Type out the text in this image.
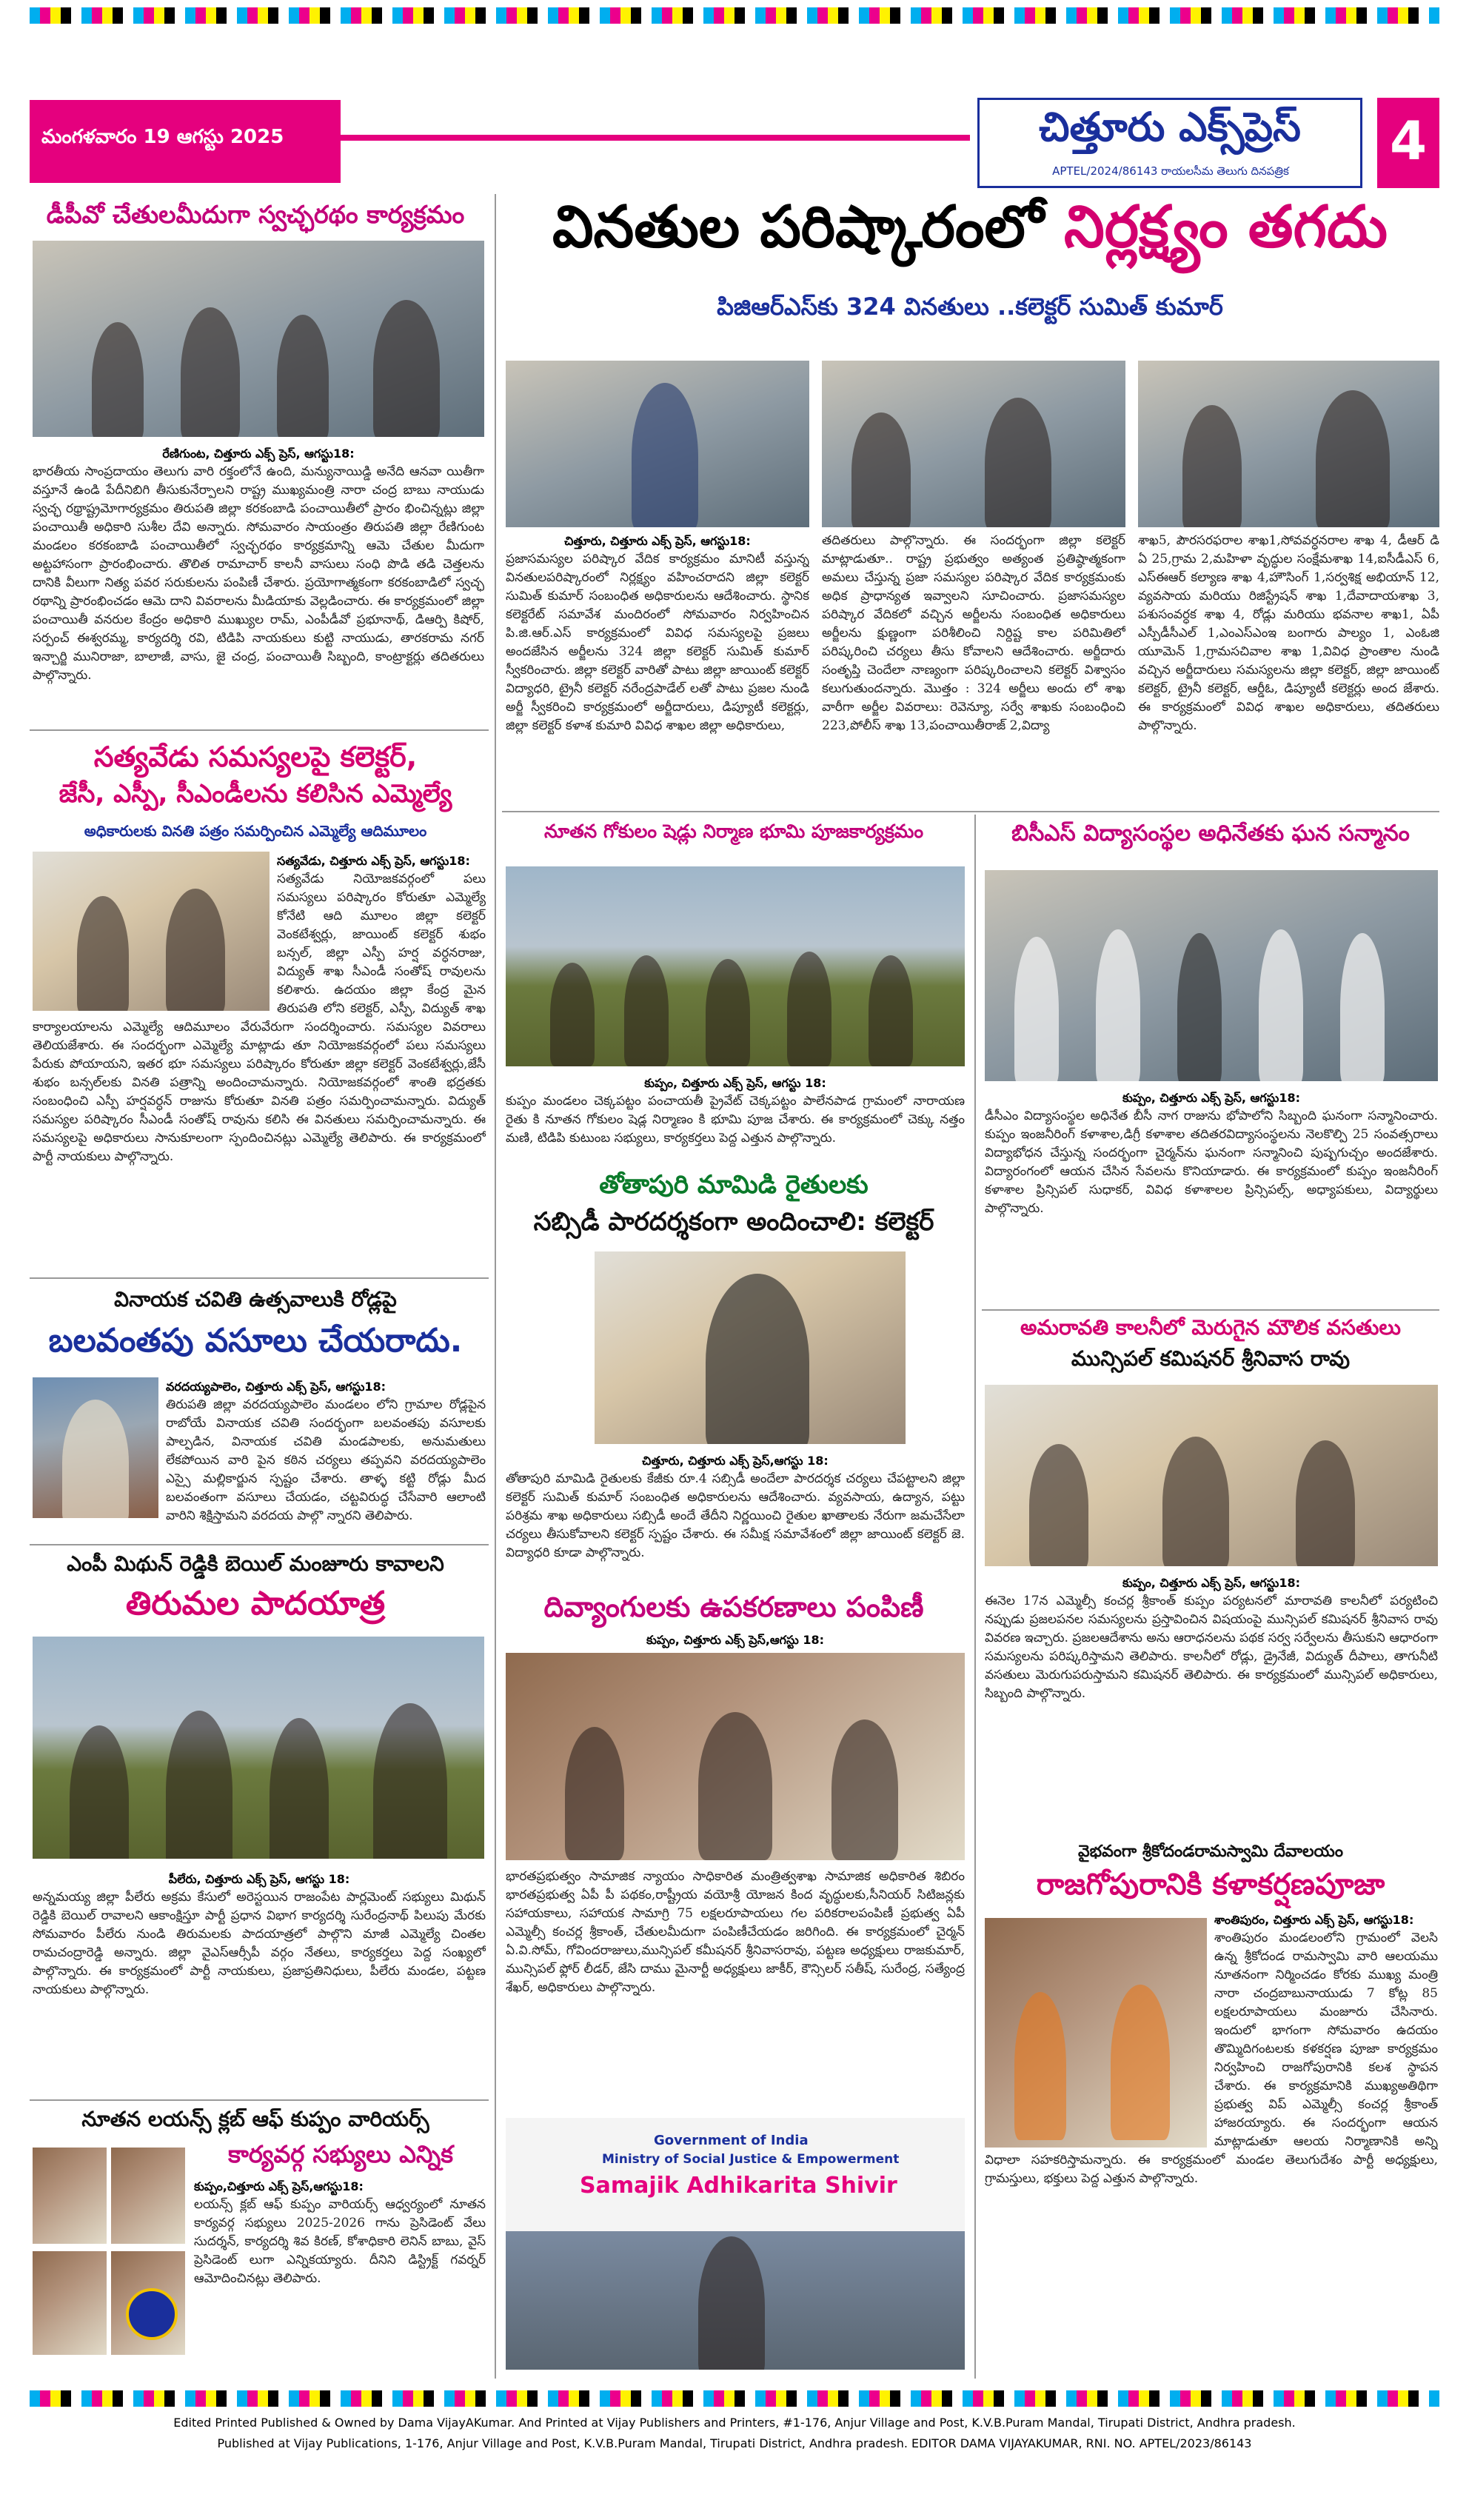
మంగళవారం 19 ఆగస్టు 2025	చిత్తూరు ఎక్స్‌ప్రెస్
APTEL/2024/86143 రాయలసీమ తెలుగు దినపత్రిక	4
డీపీవో చేతులమీదుగా స్వచ్ఛరథం కార్యక్రమం
రేణిగుంట, చిత్తూరు ఎక్స్ ప్రెస్, ఆగస్టు18:
భారతీయ సాంప్రదాయం తెలుగు వారి రక్తంలోనే ఉంది, మన్యునాయిడ్డి అనేది ఆనవా యితీగా వస్తూనే ఉండి పేదీనిబిగి తీసుకునేర్పాలని రాష్ట్ర ముఖ్యమంత్రి నారా చంద్ర బాబు నాయుడు స్వచ్ఛ రథ్రాష్ట్రమోగార్యక్రమం తిరుపతి జిల్లా కరకంబాడి పంచాయితీలో ప్రారం భించిన్నట్లు జిల్లా పంచాయితీ అధికారి సుశీల దేవి అన్నారు. సోమవారం సాయంత్రం తిరుపతి జిల్లా రేణిగుంట మండలం కరకంబాడి పంచాయితీలో స్వచ్ఛరథం కార్యక్రమాన్ని ఆమె చేతుల మీదుగా అట్టహాసంగా ప్రారంభించారు. తొలిత రామాచార్ కాలనీ వాసులు సంధి పొడి తడి చెత్తలను దానికి వీలుగా నిత్య పవర సరుకులను పంపిణీ చేశారు. ప్రయోగాత్మకంగా కరకంబాడిలో స్వచ్ఛ రథాన్ని ప్రారంభించడం ఆమె దాని వివరాలను మీడియాకు వెల్లడించారు. ఈ కార్యక్రమంలో జిల్లా పంచాయితీ వనరుల కేంద్రం అధికారి ముఖ్యుల రామ్, ఎంపీడీవో ప్రభూనాథ్, డిఆర్పి కిషోర్, సర్పంచ్ ఈశ్వరమ్మ, కార్యదర్శి రవి, టిడిపి నాయకులు కుట్టి నాయుడు, తారకరామ నగర్ ఇన్చార్జి మునిరాజా, బాలాజీ, వాసు, జై చంద్ర, పంచాయితీ సిబ్బంది, కాంట్రాక్టర్లు తదితరులు పాల్గొన్నారు.
సత్యవేడు సమస్యలపై కలెక్టర్,
జేసీ, ఎస్పీ, సీఎండీలను కలిసిన ఎమ్మెల్యే
అధికారులకు వినతి పత్రం సమర్పించిన ఎమ్మెల్యే ఆదిమూలం
సత్యవేడు, చిత్తూరు ఎక్స్ ప్రెస్, ఆగస్టు18:
సత్యవేడు నియోజకవర్గంలో పలు సమస్యలు పరిష్కారం కోరుతూ ఎమ్మెల్యే కోనేటి ఆది మూలం జిల్లా కలెక్టర్ వెంకటేశ్వర్లు, జాయింట్ కలెక్టర్ శుభం బన్సల్, జిల్లా ఎస్పీ హర్ష వర్ధనరాజు, విద్యుత్ శాఖ సీఎండీ సంతోష్ రావులను కలిశారు. ఉదయం జిల్లా కేంద్ర మైన తిరుపతి లోని కలెక్టర్, ఎస్పీ, విద్యుత్ శాఖ కార్యాలయాలను ఎమ్మెల్యే ఆదిమూలం వేరువేరుగా సందర్శించారు. సమస్యల వివరాలు తెలియజేశారు. ఈ సందర్భంగా ఎమ్మెల్యే మాట్లాడు తూ నియోజకవర్గంలో పలు సమస్యలు పేరుకు పోయాయని, ఇతర భూ సమస్యలు పరిష్కారం కోరుతూ జిల్లా కలెక్టర్ వెంకటేశ్వర్లు,జేసీ శుభం బన్సల్‌లకు వినతి పత్రాన్ని అందించామన్నారు. నియోజకవర్గంలో శాంతి భద్రతకు సంబంధించి ఎస్పీ హర్షవర్ధన్ రాజును కోరుతూ వినతి పత్రం సమర్పించామన్నారు. విద్యుత్ సమస్యల పరిష్కారం సీఎండీ సంతోష్ రావును కలిసి ఈ వినతులు సమర్పించామన్నారు. ఈ సమస్యలపై అధికారులు సానుకూలంగా స్పందించినట్లు ఎమ్మెల్యే తెలిపారు. ఈ కార్యక్రమంలో పార్టీ నాయకులు పాల్గొన్నారు.
వినాయక చవితి ఉత్సవాలుకి రోడ్లపై
బలవంతపు వసూలు చేయరాదు.
వరదయ్యపాలెం, చిత్తూరు ఎక్స్ ప్రెస్, ఆగస్టు18:
తిరుపతి జిల్లా వరదయ్యపాలెం మండలం లోని గ్రామాల రోడ్లపైన రాబోయే వినాయక చవితి సందర్భంగా బలవంతపు వసూలకు పాల్పడిన, వినాయక చవితి మండపాలకు, అనుమతులు లేకపోయిన వారి పైన కఠిన చర్యలు తప్పవని వరదయ్యపాలెం ఎస్సై మల్లికార్జున స్పష్టం చేశారు. తాళ్ళ కట్టి రోడ్లు మీద బలవంతంగా వసూలు చేయడం, చట్టవిరుద్ధ చేసేవారి ఆలాంటి వారిని శిక్షిస్తామని వరదయ పాల్గొ న్నారని తెలిపారు.
ఎంపీ మిథున్ రెడ్డికి బెయిల్ మంజూరు కావాలని
తిరుమల పాదయాత్ర
పీలేరు, చిత్తూరు ఎక్స్ ప్రెస్, ఆగస్టు 18:
అన్నమయ్య జిల్లా పీలేరు అక్రమ కేసులో అరెస్టయిన రాజంపేట పార్లమెంట్ సభ్యులు మిథున్ రెడ్డికి బెయిల్ రావాలని ఆకాంక్షిస్తూ పార్టీ ప్రధాన విభాగ కార్యదర్శి సురేంద్రనాథ్ పిలుపు మేరకు సోమవారం పీలేరు నుండి తిరుమలకు పాదయాత్రలో పాల్గొని మాజీ ఎమ్మెల్యే చింతల రామచంద్రారెడ్డి అన్నారు. జిల్లా వైఎస్ఆర్సీపీ వర్గం నేతలు, కార్యకర్తలు పెద్ద సంఖ్యలో పాల్గొన్నారు. ఈ కార్యక్రమంలో పార్టీ నాయకులు, ప్రజాప్రతినిధులు, పీలేరు మండల, పట్టణ నాయకులు పాల్గొన్నారు.
నూతన లయన్స్ క్లబ్ ఆఫ్ కుప్పం వారియర్స్
కార్యవర్గ సభ్యులు ఎన్నిక
కుప్పం,చిత్తూరు ఎక్స్ ప్రెస్,ఆగస్టు18:
లయన్స్ క్లబ్ ఆఫ్ కుప్పం వారియర్స్ ఆధ్వర్యంలో నూతన కార్యవర్గ సభ్యులు 2025-2026 గాను ప్రెసిడెంట్ వేలు సుదర్శన్, కార్యదర్శి శివ కిరణ్, కోశాధికారి లెనిన్ బాబు, వైస్ ప్రెసిడెంట్ లుగా ఎన్నికయ్యారు. దీనిని డిస్ట్రిక్ట్ గవర్నర్ ఆమోదించినట్లు తెలిపారు.
వినతుల పరిష్కారంలో నిర్లక్ష్యం తగదు
పిజిఆర్ఎస్‌కు 324 వినతులు ..కలెక్టర్ సుమిత్ కుమార్
చిత్తూరు, చిత్తూరు ఎక్స్ ప్రెస్, ఆగస్టు18:
ప్రజాసమస్యల పరిష్కార వేదిక కార్యక్రమం మానిటీ వస్తున్న వినతులపరిష్కారంలో నిర్లక్ష్యం వహించరాదని జిల్లా కలెక్టర్ సుమిత్ కుమార్ సంబంధిత అధికారులను ఆదేశించారు. స్థానిక కలెక్టరేట్ సమావేశ మందిరంలో సోమవారం నిర్వహించిన పి.జి.ఆర్.ఎస్ కార్యక్రమంలో వివిధ సమస్యలపై ప్రజలు అందజేసిన అర్జీలను 324 జిల్లా కలెక్టర్ సుమిత్ కుమార్ స్వీకరించారు. జిల్లా కలెక్టర్ వారితో పాటు జిల్లా జాయింట్ కలెక్టర్ విద్యాధరి, ట్రైనీ కలెక్టర్ నరేంద్రపాడేల్ లతో పాటు ప్రజల నుండి అర్జీ స్వీకరించి కార్యక్రమంలో అర్జీదారులు, డిప్యూటీ కలెక్టర్లు, జిల్లా కలెక్టర్ కళాశ కుమారి వివిధ శాఖల జిల్లా అధికారులు,
తదితరులు పాల్గొన్నారు. ఈ సందర్భంగా జిల్లా కలెక్టర్ మాట్లాడుతూ.. రాష్ట్ర ప్రభుత్వం అత్యంత ప్రతిష్ఠాత్మకంగా అమలు చేస్తున్న ప్రజా సమస్యల పరిష్కార వేదిక కార్యక్రమంకు అధిక ప్రాధాన్యత ఇవ్వాలని సూచించారు. ప్రజాసమస్యల పరిష్కార వేదికలో వచ్చిన అర్జీలను సంబంధిత అధికారులు అర్జీలను క్షుణ్ణంగా పరిశీలించి నిర్దిష్ట కాల పరిమితిలో పరిష్కరించి చర్యలు తీసు కోవాలని ఆదేశించారు. అర్జీదారు సంతృప్తి చెందేలా నాణ్యంగా పరిష్కరించాలని కలెక్టర్ విశ్వాసం కలుగుతుందన్నారు. మొత్తం : 324 అర్జీలు అందు లో శాఖ వారీగా అర్జీల వివరాలు: రెవెన్యూ, సర్వే శాఖకు సంబంధించి 223,పోలీస్ శాఖ 13,పంచాయితీరాజ్ 2,విద్యా
శాఖ5, పౌరసరఫరాల శాఖ1,సోవవర్ధనరాల శాఖ 4, డీఆర్ డి ఏ 25,గ్రామ 2,మహిళా వృద్ధుల సంక్షేమశాఖ 14,ఐసీడీఎస్ 6, ఎస్ఈఆర్ కల్యాణ శాఖ 4,హౌసింగ్ 1,సర్వశిక్ష అభియాన్ 12, వ్యవసాయ మరియు రిజిస్ట్రేషన్ శాఖ 1,దేవాదాయశాఖ 3, పశుసంవర్ధక శాఖ 4, రోడ్లు మరియు భవనాల శాఖ1, ఏపీ ఎస్పీడీసీఎల్ 1,ఎంఎస్ఎంఇ బంగారు పాల్యం 1, ఎంఓజి యూమెన్ 1,గ్రామసచివాల శాఖ 1,వివిధ ప్రాంతాల నుండి వచ్చిన అర్జీదారులు సమస్యలను జిల్లా కలెక్టర్, జిల్లా జాయింట్ కలెక్టర్, ట్రైనీ కలెక్టర్, ఆర్డీఓ, డిప్యూటీ కలెక్టర్లు అంద జేశారు. ఈ కార్యక్రమంలో వివిధ శాఖల అధికారులు, తదితరులు పాల్గొన్నారు.
నూతన గోకులం షెడ్లు నిర్మాణ భూమి పూజకార్యక్రమం
కుప్పం, చిత్తూరు ఎక్స్ ప్రెస్, ఆగస్టు 18:
కుప్పం మండలం చెక్కపట్టం పంచాయతీ ప్రైవేట్ చెక్కపట్టం పాలేనపాడ గ్రామంలో నారాయణ రైతు కి నూతన గోకులం షెడ్ల నిర్మాణం కి భూమి పూజ చేశారు. ఈ కార్యక్రమంలో చెక్కు నత్తం మణి, టిడిపి కుటుంబ సభ్యులు, కార్యకర్తలు పెద్ద ఎత్తున పాల్గొన్నారు.
తోతాపురి మామిడి రైతులకు
సబ్సిడీ పారదర్శకంగా అందించాలి: కలెక్టర్
చిత్తూరు, చిత్తూరు ఎక్స్ ప్రెస్,ఆగస్టు 18:
తోతాపురి మామిడి రైతులకు కేజీకు రూ.4 సబ్సిడీ అందేలా పారదర్శక చర్యలు చేపట్టాలని జిల్లా కలెక్టర్ సుమిత్ కుమార్ సంబంధిత అధికారులను ఆదేశించారు. వ్యవసాయ, ఉద్యాన, పట్టు పరిశ్రమ శాఖ అధికారులు సబ్సిడీ అందే తేదీని నిర్ణయించి రైతుల ఖాతాలకు నేరుగా జమచేసేలా చర్యలు తీసుకోవాలని కలెక్టర్ స్పష్టం చేశారు. ఈ సమీక్ష సమావేశంలో జిల్లా జాయింట్ కలెక్టర్ జె. విద్యాధరి కూడా పాల్గొన్నారు.
దివ్యాంగులకు ఉపకరణాలు పంపిణీ
కుప్పం, చిత్తూరు ఎక్స్ ప్రెస్,ఆగస్టు 18:
భారతప్రభుత్వం సామాజిక న్యాయం సాధికారిత మంత్రిత్వశాఖ సామాజిక అధికారిత శిబిరం భారతప్రభుత్వ ఏపీ పీ పథకం,రాష్ట్రీయ వయోశ్రీ యోజన కింద వృద్ధులకు,సీనియర్ సిటిజన్లకు సహాయకాలు, సహాయక సామాగ్రి 75 లక్షలరూపాయలు గల పరికరాలపంపిణీ ప్రభుత్వ ఏపీ ఎమ్మెల్సీ కంచర్ల శ్రీకాంత్, చేతులమీదుగా పంపిణీచేయడం జరిగింది. ఈ కార్యక్రమంలో చైర్మన్ ఏ.వి.సోమ్, గోవిందరాజులు,మున్సిపల్ కమీషనర్ శ్రీనివాసరావు, పట్టణ అధ్యక్షులు రాజకుమార్, మున్సిపల్ ఫ్లోర్ లీడర్, జేసి దాము మైనార్టీ అధ్యక్షులు జాకీర్, కౌన్సిలర్ సతీష్, సురేంద్ర, సత్యేంద్ర శేఖర్, అధికారులు పాల్గొన్నారు.
Government of India
Ministry of Social Justice & Empowerment
Samajik Adhikarita Shivir
బిసీఎస్ విద్యాసంస్థల అధినేతకు ఘన సన్మానం
కుప్పం, చిత్తూరు ఎక్స్ ప్రెస్, ఆగస్టు18:
డీసీఎం విద్యాసంస్థల అధినేత బీసీ నాగ రాజును భోపాలోని సిబ్బంది ఘనంగా సన్మానించారు. కుప్పం ఇంజనీరింగ్ కళాశాల,డిగ్రీ కళాశాల తదితరవిద్యాసంస్థలను నెలకొల్పి 25 సంవత్సరాలు విద్యాభోధన చేస్తున్న సందర్భంగా చైర్మన్‌ను ఘనంగా సన్మానించి పుష్పగుచ్చం అందజేశారు. విద్యారంగంలో ఆయన చేసిన సేవలను కొనియాడారు. ఈ కార్యక్రమంలో కుప్పం ఇంజనీరింగ్ కళాశాల ప్రిన్సిపల్ సుధాకర్, వివిధ కళాశాలల ప్రిన్సిపల్స్, అధ్యాపకులు, విద్యార్థులు పాల్గొన్నారు.
అమరావతి కాలనీలో మెరుగైన మౌలిక వసతులు
మున్సిపల్ కమిషనర్ శ్రీనివాస రావు
కుప్పం, చిత్తూరు ఎక్స్ ప్రెస్, ఆగస్టు18:
ఈనెల 17న ఎమ్మెల్సీ కంచర్ల శ్రీకాంత్ కుప్పం పర్యటనలో మారావతి కాలనీలో పర్యటించి నప్పుడు ప్రజలపనల సమస్యలను ప్రస్తావించిన విషయంపై మున్సిపల్ కమిషనర్ శ్రీనివాస రావు వివరణ ఇచ్చారు. ప్రజలఆదేశాను అను ఆరాధనలను పథక సర్వ సర్వేలను తీసుకుని ఆధారంగా సమస్యలను పరిష్కరిస్తామని తెలిపారు. కాలనీలో రోడ్లు, డ్రైనేజీ, విద్యుత్ దీపాలు, తాగునీటి వసతులు మెరుగుపరుస్తామని కమిషనర్ తెలిపారు. ఈ కార్యక్రమంలో మున్సిపల్ అధికారులు, సిబ్బంది పాల్గొన్నారు.
వైభవంగా శ్రీకోదండరామస్వామి దేవాలయం
రాజగోపురానికి కళాకర్షణపూజా
శాంతిపురం, చిత్తూరు ఎక్స్ ప్రెస్, ఆగస్టు18:
శాంతిపురం మండలంలోని గ్రామంలో వెలసి ఉన్న శ్రీకోదండ రామస్వామి వారి ఆలయము నూతనంగా నిర్మించడం కోరకు ముఖ్య మంత్రి నారా చంద్రబాబునాయుడు 7 కోట్ల 85 లక్షలరూపాయలు మంజూరు చేసినారు. ఇందులో భాగంగా సోమవారం ఉదయం తొమ్మిదిగంటలకు కళకర్షణ పూజా కార్యక్రమం నిర్వహించి రాజగోపురానికి కలశ స్థాపన చేశారు. ఈ కార్యక్రమానికి ముఖ్యఅతిథిగా ప్రభుత్వ విప్ ఎమ్మెల్సీ కంచర్ల శ్రీకాంత్ హాజరయ్యారు. ఈ సందర్భంగా ఆయన మాట్లాడుతూ ఆలయ నిర్మాణానికి అన్ని విధాలా సహకరిస్తామన్నారు. ఈ కార్యక్రమంలో మండల తెలుగుదేశం పార్టీ అధ్యక్షులు, గ్రామస్తులు, భక్తులు పెద్ద ఎత్తున పాల్గొన్నారు.
Edited Printed Published & Owned by Dama VijayAKumar. And Printed at Vijay Publishers and Printers, #1-176, Anjur Village and Post, K.V.B.Puram Mandal, Tirupati District, Andhra pradesh.
Published at Vijay Publications, 1-176, Anjur Village and Post, K.V.B.Puram Mandal, Tirupati District, Andhra pradesh. EDITOR DAMA VIJAYAKUMAR, RNI. NO. APTEL/2023/86143
